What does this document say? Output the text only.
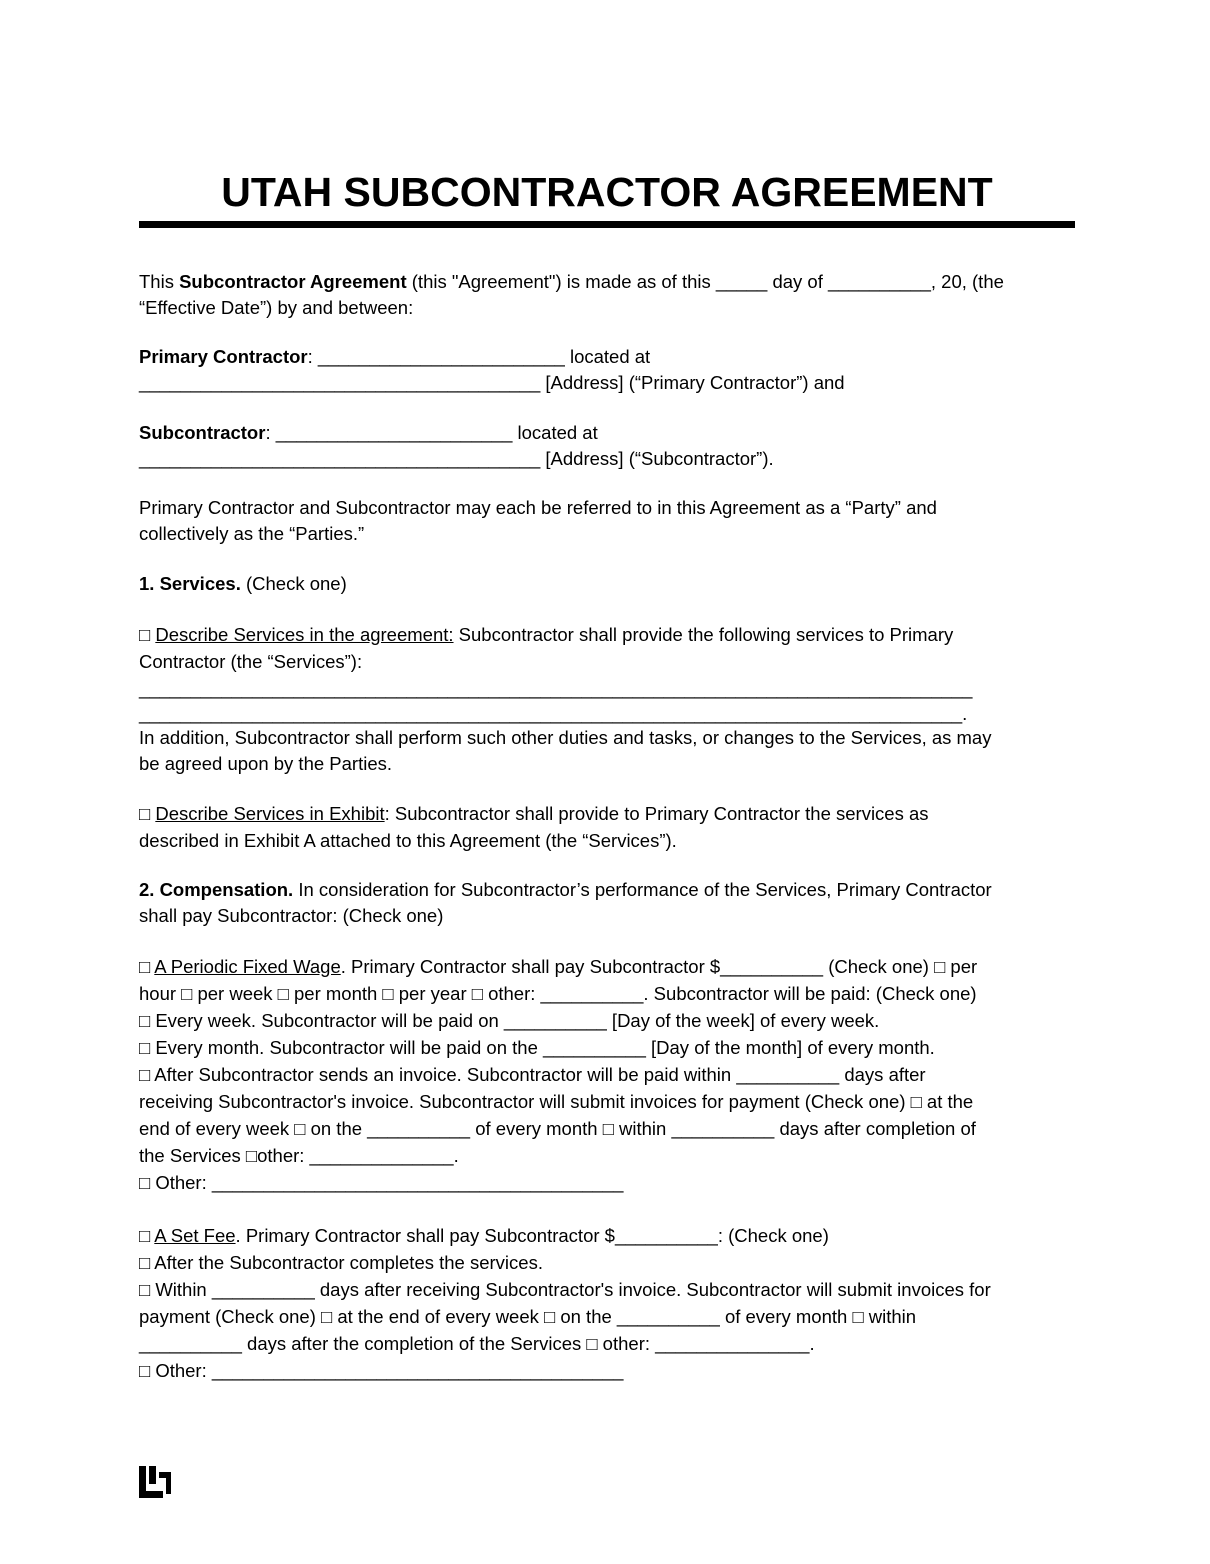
UTAH SUBCONTRACTOR AGREEMENT
This Subcontractor Agreement (this "Agreement") is made as of this _____ day of __________, 20, (the
“Effective Date”) by and between:
Primary Contractor: ________________________ located at
_______________________________________ [Address] (“Primary Contractor”) and
Subcontractor: _______________________ located at
_______________________________________ [Address] (“Subcontractor”).
Primary Contractor and Subcontractor may each be referred to in this Agreement as a “Party” and
collectively as the “Parties.”
1. Services. (Check one)
□ Describe Services in the agreement: Subcontractor shall provide the following services to Primary
Contractor (the “Services”):
_________________________________________________________________________________
________________________________________________________________________________.
In addition, Subcontractor shall perform such other duties and tasks, or changes to the Services, as may
be agreed upon by the Parties.
□ Describe Services in Exhibit: Subcontractor shall provide to Primary Contractor the services as
described in Exhibit A attached to this Agreement (the “Services”).
2. Compensation. In consideration for Subcontractor’s performance of the Services, Primary Contractor
shall pay Subcontractor: (Check one)
□ A Periodic Fixed Wage. Primary Contractor shall pay Subcontractor $__________ (Check one) □ per
hour □ per week □ per month □ per year □ other: __________. Subcontractor will be paid: (Check one)
□ Every week. Subcontractor will be paid on __________ [Day of the week] of every week.
□ Every month. Subcontractor will be paid on the __________ [Day of the month] of every month.
□ After Subcontractor sends an invoice. Subcontractor will be paid within __________ days after
receiving Subcontractor's invoice. Subcontractor will submit invoices for payment (Check one) □ at the
end of every week □ on the __________ of every month □ within __________ days after completion of
the Services □other: ______________.
□ Other: ________________________________________
□ A Set Fee. Primary Contractor shall pay Subcontractor $__________: (Check one)
□ After the Subcontractor completes the services.
□ Within __________ days after receiving Subcontractor's invoice. Subcontractor will submit invoices for
payment (Check one) □ at the end of every week □ on the __________ of every month □ within
__________ days after the completion of the Services □ other: _______________.
□ Other: ________________________________________
